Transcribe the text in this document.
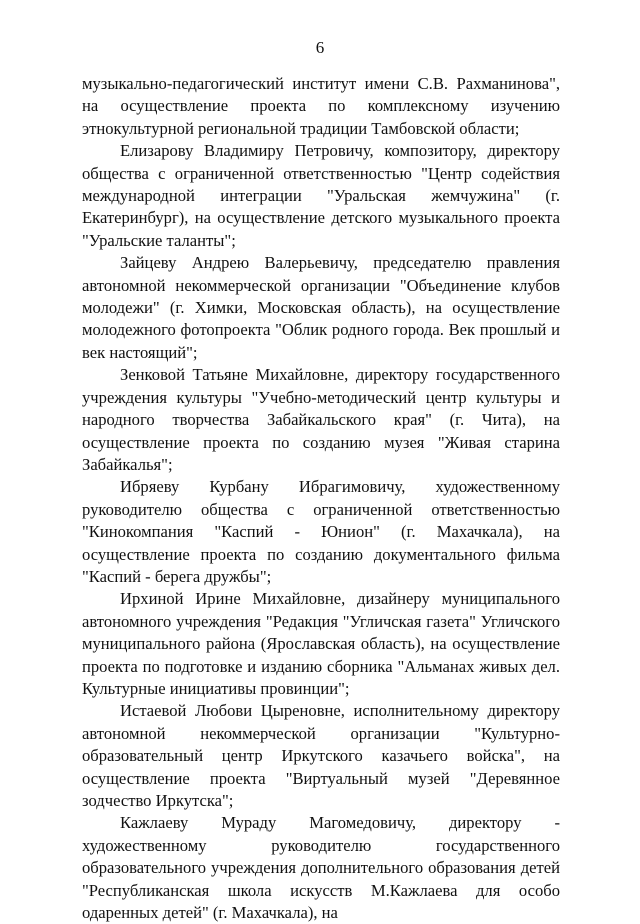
6

музыкально-педагогический институт имени С.В. Рахманинова", на осуществление проекта по комплексному изучению этнокультурной региональной традиции Тамбовской области;

Елизарову Владимиру Петровичу, композитору, директору общества с ограниченной ответственностью "Центр содействия международной интеграции "Уральская жемчужина" (г. Екатеринбург), на осуществление детского музыкального проекта "Уральские таланты";

Зайцеву Андрею Валерьевичу, председателю правления автономной некоммерческой организации "Объединение клубов молодежи" (г. Химки, Московская область), на осуществление молодежного фотопроекта "Облик родного города. Век прошлый и век настоящий";

Зенковой Татьяне Михайловне, директору государственного учреждения культуры "Учебно-методический центр культуры и народного творчества Забайкальского края" (г. Чита), на осуществление проекта по созданию музея "Живая старина Забайкалья";

Ибряеву Курбану Ибрагимовичу, художественному руководителю общества с ограниченной ответственностью "Кинокомпания "Каспий - Юнион" (г. Махачкала), на осуществление проекта по созданию документального фильма "Каспий - берега дружбы";

Ирхиной Ирине Михайловне, дизайнеру муниципального автономного учреждения "Редакция "Угличская газета" Угличского муниципального района (Ярославская область), на осуществление проекта по подготовке и изданию сборника "Альманах живых дел. Культурные инициативы провинции";

Истаевой Любови Цыреновне, исполнительному директору автономной некоммерческой организации "Культурно-образовательный центр Иркутского казачьего войска", на осуществление проекта "Виртуальный музей "Деревянное зодчество Иркутска";

Кажлаеву Мураду Магомедовичу, директору - художественному руководителю государственного образовательного учреждения дополнительного образования детей "Республиканская школа искусств М.Кажлаева для особо одаренных детей" (г. Махачкала), на
